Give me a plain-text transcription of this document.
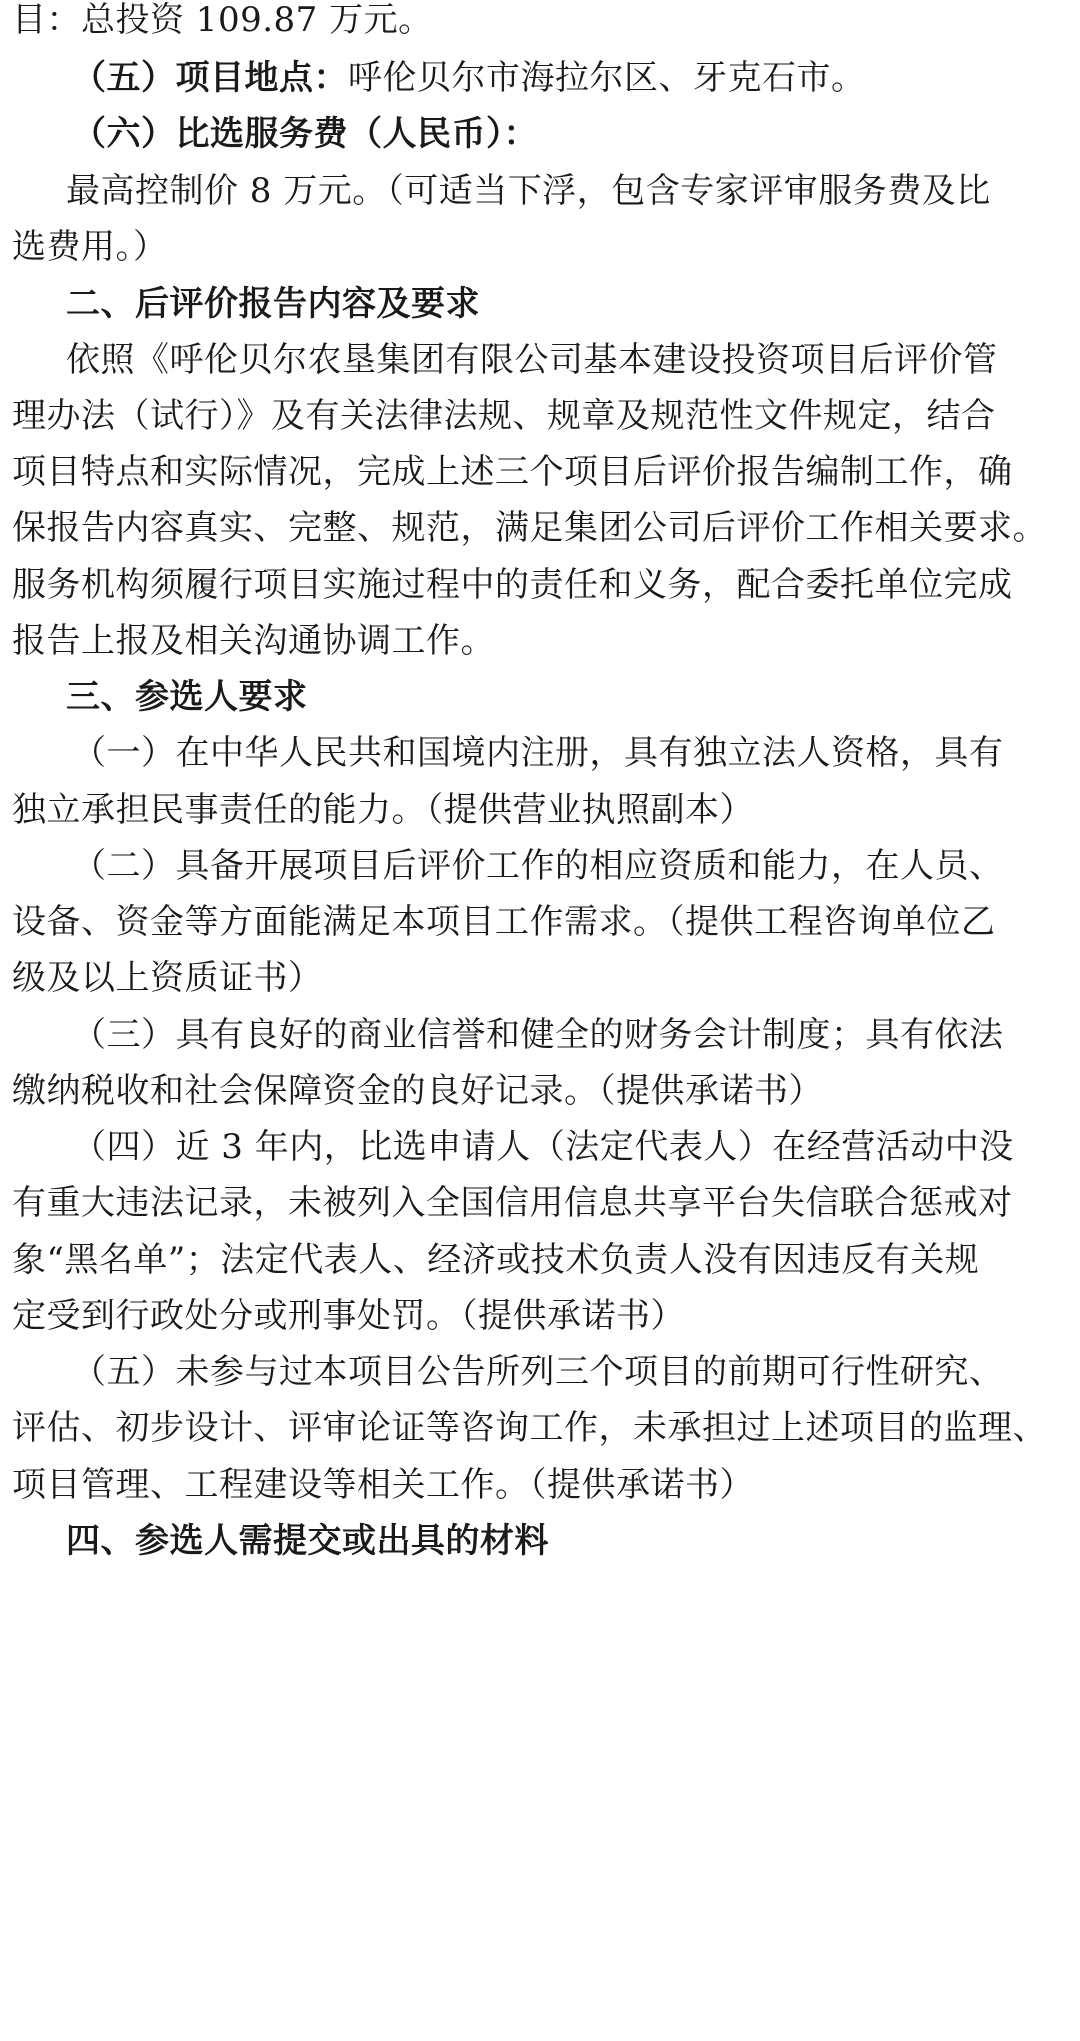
目：总投资 109.87 万元。
（五）项目地点：呼伦贝尔市海拉尔区、牙克石市。
（六）比选服务费（人民币）：
最高控制价 8 万元。（可适当下浮，包含专家评审服务费及比
选费用。）
二、后评价报告内容及要求
依照《呼伦贝尔农垦集团有限公司基本建设投资项目后评价管
理办法（试行）》及有关法律法规、规章及规范性文件规定，结合
项目特点和实际情况，完成上述三个项目后评价报告编制工作，确
保报告内容真实、完整、规范，满足集团公司后评价工作相关要求。
服务机构须履行项目实施过程中的责任和义务，配合委托单位完成
报告上报及相关沟通协调工作。
三、参选人要求
（一）在中华人民共和国境内注册，具有独立法人资格，具有
独立承担民事责任的能力。（提供营业执照副本）
（二）具备开展项目后评价工作的相应资质和能力，在人员、
设备、资金等方面能满足本项目工作需求。（提供工程咨询单位乙
级及以上资质证书）
（三）具有良好的商业信誉和健全的财务会计制度；具有依法
缴纳税收和社会保障资金的良好记录。（提供承诺书）
（四）近 3 年内，比选申请人（法定代表人）在经营活动中没
有重大违法记录，未被列入全国信用信息共享平台失信联合惩戒对
象“黑名单”；法定代表人、经济或技术负责人没有因违反有关规
定受到行政处分或刑事处罚。（提供承诺书）
（五）未参与过本项目公告所列三个项目的前期可行性研究、
评估、初步设计、评审论证等咨询工作，未承担过上述项目的监理、
项目管理、工程建设等相关工作。（提供承诺书）
四、参选人需提交或出具的材料
